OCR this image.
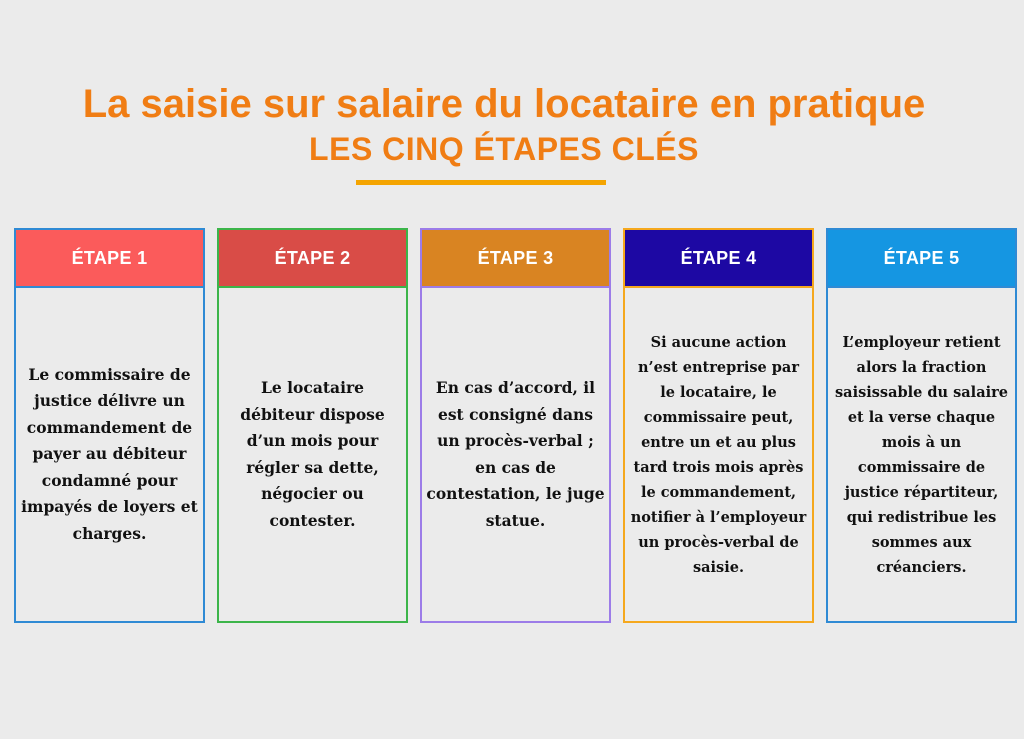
La saisie sur salaire du locataire en pratique
LES CINQ ÉTAPES CLÉS
ÉTAPE 1
Le commissaire de justice délivre un commandement de payer au débiteur condamné pour impayés de loyers et charges.
ÉTAPE 2
Le locataire débiteur dispose d’un mois pour régler sa dette, négocier ou contester.
ÉTAPE 3
En cas d’accord, il est consigné dans un procès-verbal ; en cas de contestation, le juge statue.
ÉTAPE 4
Si aucune action n’est entreprise par le locataire, le commissaire peut, entre un et au plus tard trois mois après le commandement, notifier à l’employeur un procès-verbal de saisie.
ÉTAPE 5
L’employeur retient alors la fraction saisissable du salaire et la verse chaque mois à un commissaire de justice répartiteur, qui redistribue les sommes aux créanciers.
